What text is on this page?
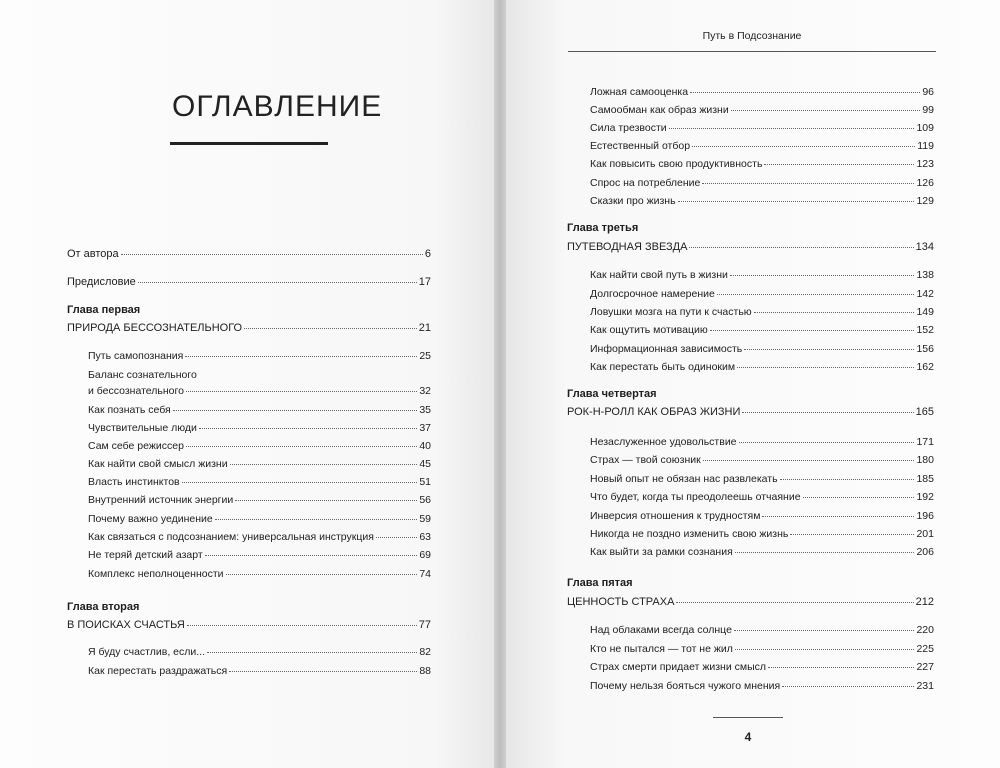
ОГЛАВЛЕНИЕ
Путь в Подсознание
4
От автора	6
Предисловие	17
Глава первая
ПРИРОДА БЕССОЗНАТЕЛЬНОГО	21
Путь самопознания	25
Баланс сознательного
и бессознательного	32
Как познать себя	35
Чувствительные люди	37
Сам себе режиссер	40
Как найти свой смысл жизни	45
Власть инстинктов	51
Внутренний источник энергии	56
Почему важно уединение	59
Как связаться с подсознанием: универсальная инструкция	63
Не теряй детский азарт	69
Комплекс неполноценности	74
Глава вторая
В ПОИСКАХ СЧАСТЬЯ	77
Я буду счастлив, если...	82
Как перестать раздражаться	88
Ложная самооценка	96
Самообман как образ жизни	99
Сила трезвости	109
Естественный отбор	119
Как повысить свою продуктивность	123
Спрос на потребление	126
Сказки про жизнь	129
Глава третья
ПУТЕВОДНАЯ ЗВЕЗДА	134
Как найти свой путь в жизни	138
Долгосрочное намерение	142
Ловушки мозга на пути к счастью	149
Как ощутить мотивацию	152
Информационная зависимость	156
Как перестать быть одиноким	162
Глава четвертая
РОК-Н-РОЛЛ КАК ОБРАЗ ЖИЗНИ	165
Незаслуженное удовольствие	171
Страх — твой союзник	180
Новый опыт не обязан нас развлекать	185
Что будет, когда ты преодолеешь отчаяние	192
Инверсия отношения к трудностям	196
Никогда не поздно изменить свою жизнь	201
Как выйти за рамки сознания	206
Глава пятая
ЦЕННОСТЬ СТРАХА	212
Над облаками всегда солнце	220
Кто не пытался — тот не жил	225
Страх смерти придает жизни смысл	227
Почему нельзя бояться чужого мнения	231
